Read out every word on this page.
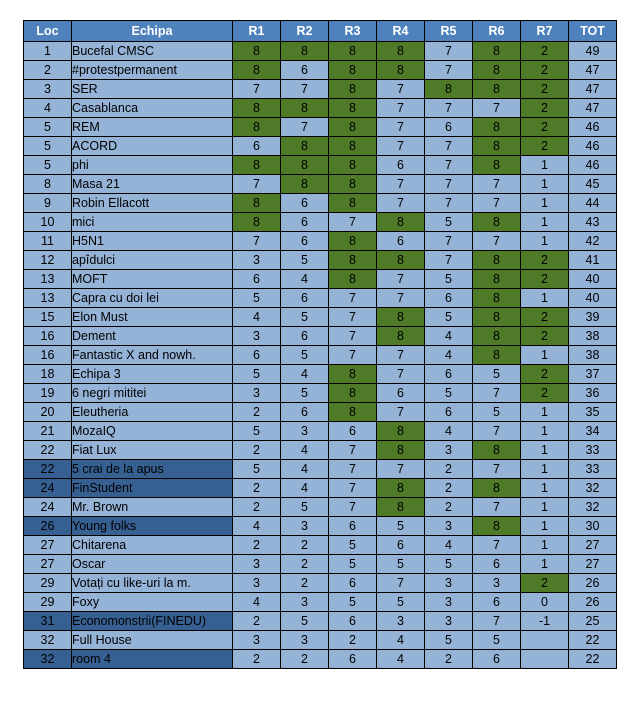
Loc	Echipa	R1	R2	R3	R4	R5	R6	R7	TOT
1	Bucefal CMSC	8	8	8	8	7	8	2	49
2	#protestpermanent	8	6	8	8	7	8	2	47
3	SER	7	7	8	7	8	8	2	47
4	Casablanca	8	8	8	7	7	7	2	47
5	REM	8	7	8	7	6	8	2	46
5	ACORD	6	8	8	7	7	8	2	46
5	phi	8	8	8	6	7	8	1	46
8	Masa 21	7	8	8	7	7	7	1	45
9	Robin Ellacott	8	6	8	7	7	7	1	44
10	mici	8	6	7	8	5	8	1	43
11	H5N1	7	6	8	6	7	7	1	42
12	apîdulci	3	5	8	8	7	8	2	41
13	MOFT	6	4	8	7	5	8	2	40
13	Capra cu doi lei	5	6	7	7	6	8	1	40
15	Elon Must	4	5	7	8	5	8	2	39
16	Dement	3	6	7	8	4	8	2	38
16	Fantastic X and nowh.	6	5	7	7	4	8	1	38
18	Echipa 3	5	4	8	7	6	5	2	37
19	6 negri mititei	3	5	8	6	5	7	2	36
20	Eleutheria	2	6	8	7	6	5	1	35
21	MozaIQ	5	3	6	8	4	7	1	34
22	Fiat Lux	2	4	7	8	3	8	1	33
22	5 crai de la apus	5	4	7	7	2	7	1	33
24	FinStudent	2	4	7	8	2	8	1	32
24	Mr. Brown	2	5	7	8	2	7	1	32
26	Young folks	4	3	6	5	3	8	1	30
27	Chitarena	2	2	5	6	4	7	1	27
27	Oscar	3	2	5	5	5	6	1	27
29	Votați cu like-uri la m.	3	2	6	7	3	3	2	26
29	Foxy	4	3	5	5	3	6	0	26
31	Economonstrii(FINEDU)	2	5	6	3	3	7	-1	25
32	Full House	3	3	2	4	5	5		22
32	room 4	2	2	6	4	2	6		22
